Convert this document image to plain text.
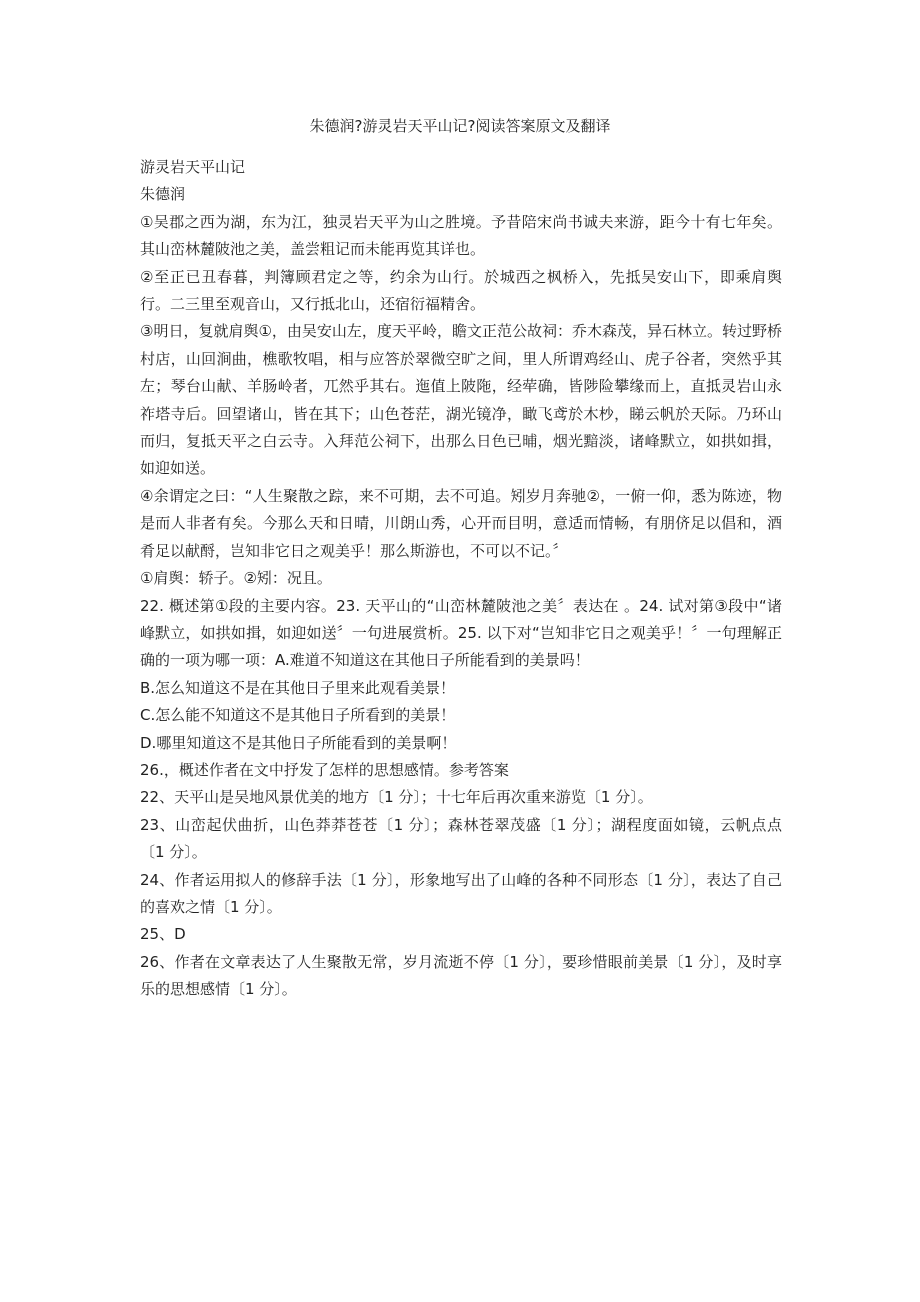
朱德润?游灵岩天平山记?阅读答案原文及翻译

游灵岩天平山记

朱德润

①吴郡之西为湖，东为江，独灵岩天平为山之胜境。予昔陪宋尚书诚夫来游，距今十有七年矣。其山峦林麓陂池之美，盖尝粗记而未能再览其详也。

②至正已丑春暮，判簿顾君定之等，约余为山行。於城西之枫桥入，先抵吴安山下，即乘肩舆行。二三里至观音山，又行抵北山，还宿衍福精舍。

③明日，复就肩舆①，由吴安山左，度天平岭，瞻文正范公故祠：乔木森茂，异石林立。转过野桥村店，山回涧曲，樵歌牧唱，相与应答於翠微空旷之间，里人所谓鸡经山、虎子谷者，突然乎其左；琴台山献、羊肠岭者，兀然乎其右。迤值上陂陁，经荦确，皆陟险攀缘而上，直抵灵岩山永祚塔寺后。回望诸山，皆在其下；山色苍茫，湖光镜净，瞰飞鸢於木杪，睇云帆於天际。乃环山而归，复抵天平之白云寺。入拜范公祠下，出那么日色已晡，烟光黯淡，诸峰默立，如拱如揖，如迎如送。

④余谓定之曰：“人生聚散之踪，来不可期，去不可追。矧岁月奔驰②，一俯一仰，悉为陈迹，物是而人非者有矣。今那么天和日晴，川朗山秀，心开而目明，意适而情畅，有朋侪足以倡和，酒肴足以献酹，岂知非它日之观美乎！那么斯游也，不可以不记。〞

①肩舆：轿子。②矧：况且。

22. 概述第①段的主要内容。23. 天平山的“山峦林麓陂池之美〞表达在 。24. 试对第③段中“诸峰默立，如拱如揖，如迎如送〞一句进展赏析。25. 以下对“岂知非它日之观美乎！〞一句理解正确的一项为哪一项：A.难道不知道这在其他日子所能看到的美景吗！

B.怎么知道这不是在其他日子里来此观看美景！

C.怎么能不知道这不是其他日子所看到的美景！

D.哪里知道这不是其他日子所能看到的美景啊！

26.，概述作者在文中抒发了怎样的思想感情。参考答案

22、天平山是吴地风景优美的地方〔1 分〕；十七年后再次重来游览〔1 分〕。

23、山峦起伏曲折，山色莽莽苍苍〔1 分〕；森林苍翠茂盛〔1 分〕；湖程度面如镜，云帆点点〔1 分〕。

24、作者运用拟人的修辞手法〔1 分〕，形象地写出了山峰的各种不同形态〔1 分〕，表达了自己的喜欢之情〔1 分〕。

25、D

26、作者在文章表达了人生聚散无常，岁月流逝不停〔1 分〕，要珍惜眼前美景〔1 分〕，及时享乐的思想感情〔1 分〕。
